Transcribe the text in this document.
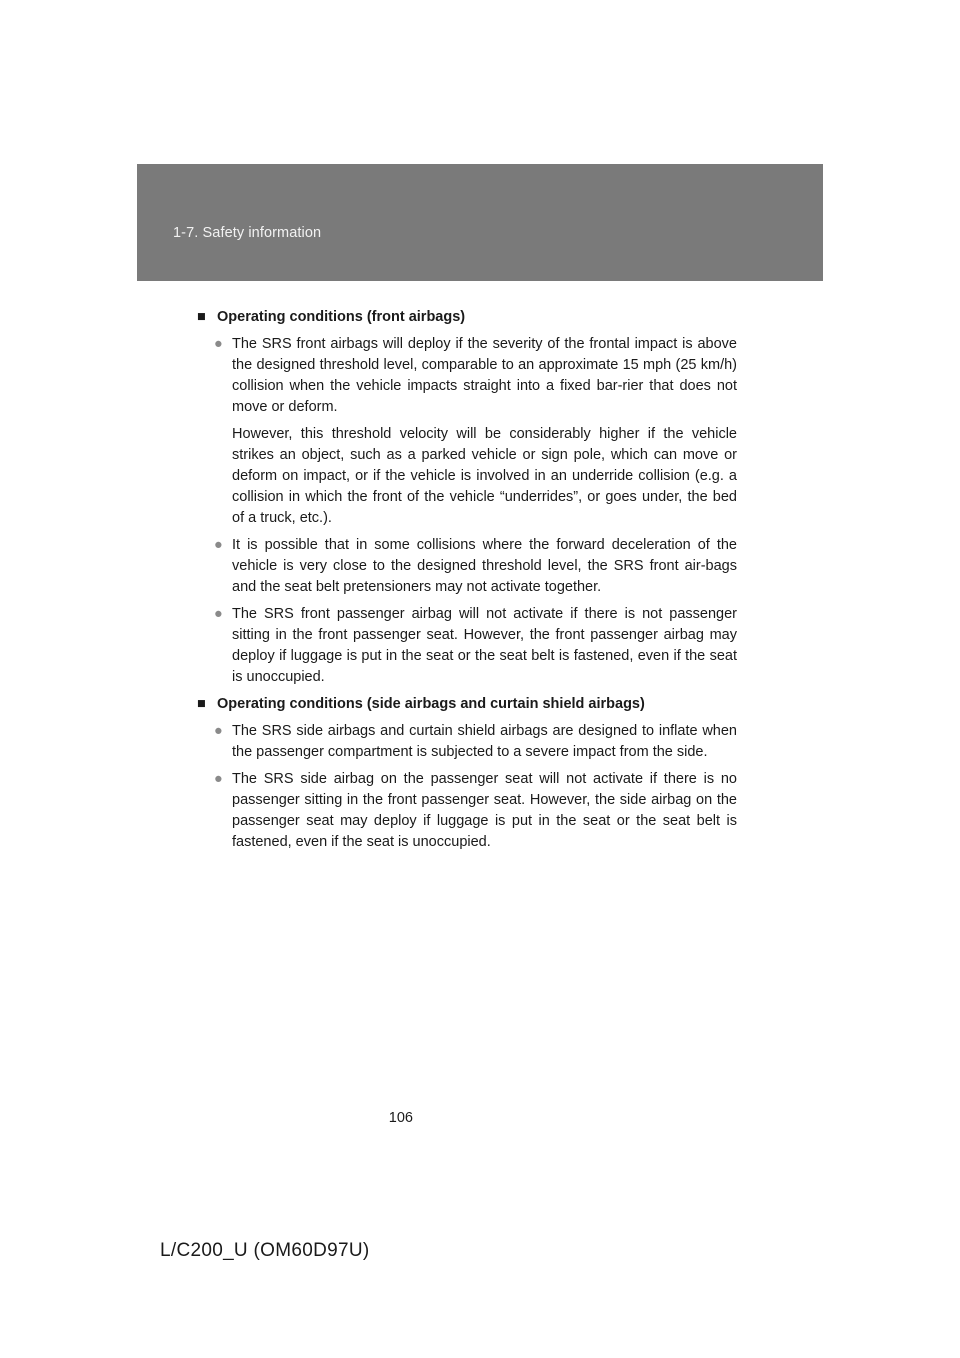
1-7. Safety information
■ Operating conditions (front airbags)
● The SRS front airbags will deploy if the severity of the frontal impact is above the designed threshold level, comparable to an approximate 15 mph (25 km/h) collision when the vehicle impacts straight into a fixed bar-rier that does not move or deform.

However, this threshold velocity will be considerably higher if the vehicle strikes an object, such as a parked vehicle or sign pole, which can move or deform on impact, or if the vehicle is involved in an underride collision (e.g. a collision in which the front of the vehicle “underrides”, or goes under, the bed of a truck, etc.).

● It is possible that in some collisions where the forward deceleration of the vehicle is very close to the designed threshold level, the SRS front air-bags and the seat belt pretensioners may not activate together.

● The SRS front passenger airbag will not activate if there is not passenger sitting in the front passenger seat. However, the front passenger airbag may deploy if luggage is put in the seat or the seat belt is fastened, even if the seat is unoccupied.

■ Operating conditions (side airbags and curtain shield airbags)
● The SRS side airbags and curtain shield airbags are designed to inflate when the passenger compartment is subjected to a severe impact from the side.

● The SRS side airbag on the passenger seat will not activate if there is no passenger sitting in the front passenger seat. However, the side airbag on the passenger seat may deploy if luggage is put in the seat or the seat belt is fastened, even if the seat is unoccupied.

106
L/C200_U (OM60D97U)
